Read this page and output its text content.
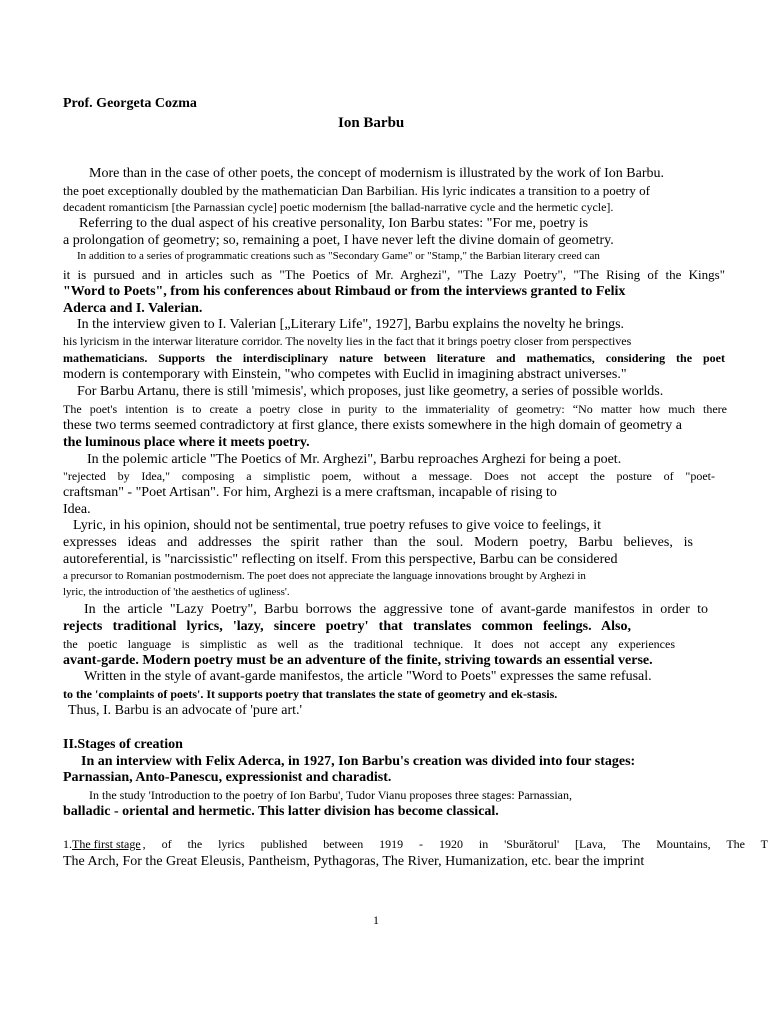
Prof. Georgeta Cozma
Ion Barbu
More than in the case of other poets, the concept of modernism is illustrated by the work of Ion Barbu.
the poet exceptionally doubled by the mathematician Dan Barbilian. His lyric indicates a transition to a poetry of
decadent romanticism [the Parnassian cycle] poetic modernism [the ballad-narrative cycle and the hermetic cycle].
Referring to the dual aspect of his creative personality, Ion Barbu states: "For me, poetry is
a prolongation of geometry; so, remaining a poet, I have never left the divine domain of geometry.
In addition to a series of programmatic creations such as "Secondary Game" or "Stamp," the Barbian literary creed can
it is pursued and in articles such as "The Poetics of Mr. Arghezi", "The Lazy Poetry", "The Rising of the Kings"
"Word to Poets", from his conferences about Rimbaud or from the interviews granted to Felix
Aderca and I. Valerian.
In the interview given to I. Valerian [„Literary Life", 1927], Barbu explains the novelty he brings.
his lyricism in the interwar literature corridor. The novelty lies in the fact that it brings poetry closer from perspectives
mathematicians. Supports the interdisciplinary nature between literature and mathematics, considering the poet
modern is contemporary with Einstein, "who competes with Euclid in imagining abstract universes."
For Barbu Artanu, there is still 'mimesis', which proposes, just like geometry, a series of possible worlds.
The poet's intention is to create a poetry close in purity to the immateriality of geometry: “No matter how much there
these two terms seemed contradictory at first glance, there exists somewhere in the high domain of geometry a
the luminous place where it meets poetry.
In the polemic article "The Poetics of Mr. Arghezi", Barbu reproaches Arghezi for being a poet.
"rejected by Idea," composing a simplistic poem, without a message. Does not accept the posture of "poet-
craftsman" - "Poet Artisan". For him, Arghezi is a mere craftsman, incapable of rising to
Idea.
Lyric, in his opinion, should not be sentimental, true poetry refuses to give voice to feelings, it
expresses ideas and addresses the spirit rather than the soul. Modern poetry, Barbu believes, is
autoreferential, is "narcissistic" reflecting on itself. From this perspective, Barbu can be considered
a precursor to Romanian postmodernism. The poet does not appreciate the language innovations brought by Arghezi in
lyric, the introduction of 'the aesthetics of ugliness'.
In the article "Lazy Poetry", Barbu borrows the aggressive tone of avant-garde manifestos in order to
rejects traditional lyrics, 'lazy, sincere poetry' that translates common feelings. Also,
the poetic language is simplistic as well as the traditional technique. It does not accept any experiences
avant-garde. Modern poetry must be an adventure of the finite, striving towards an essential verse.
Written in the style of avant-garde manifestos, the article "Word to Poets" expresses the same refusal.
to the 'complaints of poets'. It supports poetry that translates the state of geometry and ek-stasis.
Thus, I. Barbu is an advocate of 'pure art.'
II.Stages of creation
In an interview with Felix Aderca, in 1927, Ion Barbu's creation was divided into four stages:
Parnassian, Anto-Panescu, expressionist and charadist.
In the study 'Introduction to the poetry of Ion Barbu', Tudor Vianu proposes three stages: Parnassian,
balladic - oriental and hermetic. This latter division has become classical.
1. The first stage , of the lyrics published between 1919 - 1920 in 'Sburătorul' [Lava, The Mountains, The T
The Arch, For the Great Eleusis, Pantheism, Pythagoras, The River, Humanization, etc. bear the imprint
1
